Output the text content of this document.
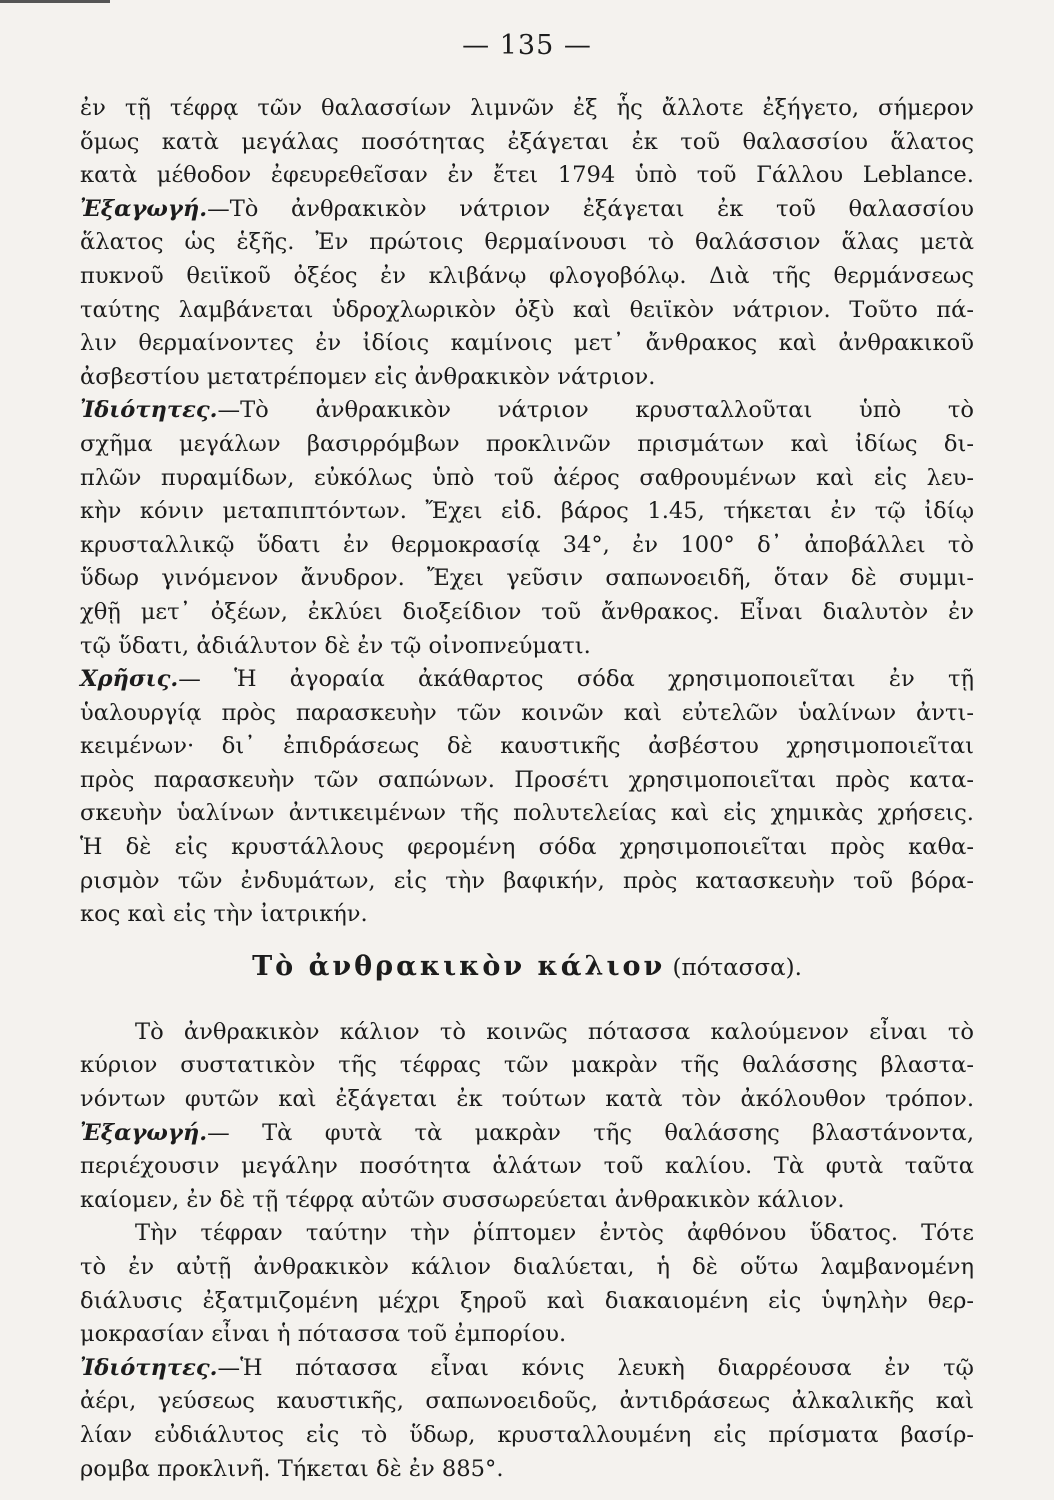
— 135 —
ἐν τῇ τέφρᾳ τῶν θαλασσίων λιμνῶν ἐξ ἧς ἄλλοτε ἐξήγετο, σήμερον
ὅμως κατὰ μεγάλας ποσότητας ἐξάγεται ἐκ τοῦ θαλασσίου ἅλατος
κατὰ μέθοδον ἐφευρεθεῖσαν ἐν ἔτει 1794 ὑπὸ τοῦ Γάλλου Leblance.
Ἐξαγωγή.—Τὸ ἀνθρακικὸν νάτριον ἐξάγεται ἐκ τοῦ θαλασσίου
ἅλατος ὡς ἑξῆς. Ἐν πρώτοις θερμαίνουσι τὸ θαλάσσιον ἅλας μετὰ
πυκνοῦ θειϊκοῦ ὀξέος ἐν κλιβάνῳ φλογοβόλῳ. Διὰ τῆς θερμάνσεως
ταύτης λαμβάνεται ὑδροχλωρικὸν ὀξὺ καὶ θειϊκὸν νάτριον. Τοῦτο πά-
λιν θερμαίνοντες ἐν ἰδίοις καμίνοις μετ᾽ ἄνθρακος καὶ ἀνθρακικοῦ
ἀσβεστίου μετατρέπομεν εἰς ἀνθρακικὸν νάτριον.
Ἰδιότητες.—Τὸ ἀνθρακικὸν νάτριον κρυσταλλοῦται ὑπὸ τὸ
σχῆμα μεγάλων βασιρρόμβων προκλινῶν πρισμάτων καὶ ἰδίως δι-
πλῶν πυραμίδων, εὐκόλως ὑπὸ τοῦ ἀέρος σαθρουμένων καὶ εἰς λευ-
κὴν κόνιν μεταπιπτόντων. Ἔχει εἰδ. βάρος 1.45, τήκεται ἐν τῷ ἰδίῳ
κρυσταλλικῷ ὕδατι ἐν θερμοκρασίᾳ 34°, ἐν 100° δ᾽ ἀποβάλλει τὸ
ὕδωρ γινόμενον ἄνυδρον. Ἔχει γεῦσιν σαπωνοειδῆ, ὅταν δὲ συμμι-
χθῇ μετ᾽ ὀξέων, ἐκλύει διοξείδιον τοῦ ἄνθρακος. Εἶναι διαλυτὸν ἐν
τῷ ὕδατι, ἀδιάλυτον δὲ ἐν τῷ οἰνοπνεύματι.
Χρῆσις.— Ἡ ἀγοραία ἀκάθαρτος σόδα χρησιμοποιεῖται ἐν τῇ
ὑαλουργίᾳ πρὸς παρασκευὴν τῶν κοινῶν καὶ εὐτελῶν ὑαλίνων ἀντι-
κειμένων· δι᾽ ἐπιδράσεως δὲ καυστικῆς ἀσβέστου χρησιμοποιεῖται
πρὸς παρασκευὴν τῶν σαπώνων. Προσέτι χρησιμοποιεῖται πρὸς κατα-
σκευὴν ὑαλίνων ἀντικειμένων τῆς πολυτελείας καὶ εἰς χημικὰς χρήσεις.
Ἡ δὲ εἰς κρυστάλλους φερομένη σόδα χρησιμοποιεῖται πρὸς καθα-
ρισμὸν τῶν ἐνδυμάτων, εἰς τὴν βαφικήν, πρὸς κατασκευὴν τοῦ βόρα-
κος καὶ εἰς τὴν ἰατρικήν.
Τὸ ἀνθρακικὸν κάλιον (πότασσα).
Τὸ ἀνθρακικὸν κάλιον τὸ κοινῶς πότασσα καλούμενον εἶναι τὸ
κύριον συστατικὸν τῆς τέφρας τῶν μακρὰν τῆς θαλάσσης βλαστα-
νόντων φυτῶν καὶ ἐξάγεται ἐκ τούτων κατὰ τὸν ἀκόλουθον τρόπον.
Ἐξαγωγή.— Τὰ φυτὰ τὰ μακρὰν τῆς θαλάσσης βλαστάνοντα,
περιέχουσιν μεγάλην ποσότητα ἁλάτων τοῦ καλίου. Τὰ φυτὰ ταῦτα
καίομεν, ἐν δὲ τῇ τέφρᾳ αὐτῶν συσσωρεύεται ἀνθρακικὸν κάλιον.
Τὴν τέφραν ταύτην τὴν ῥίπτομεν ἐντὸς ἀφθόνου ὕδατος. Τότε
τὸ ἐν αὐτῇ ἀνθρακικὸν κάλιον διαλύεται, ἡ δὲ οὕτω λαμβανομένη
διάλυσις ἐξατμιζομένη μέχρι ξηροῦ καὶ διακαιομένη εἰς ὑψηλὴν θερ-
μοκρασίαν εἶναι ἡ πότασσα τοῦ ἐμπορίου.
Ἰδιότητες.—Ἡ πότασσα εἶναι κόνις λευκὴ διαρρέουσα ἐν τῷ
ἀέρι, γεύσεως καυστικῆς, σαπωνοειδοῦς, ἀντιδράσεως ἀλκαλικῆς καὶ
λίαν εὐδιάλυτος εἰς τὸ ὕδωρ, κρυσταλλουμένη εἰς πρίσματα βασίρ-
ρομβα προκλινῆ. Τήκεται δὲ ἐν 885°.
